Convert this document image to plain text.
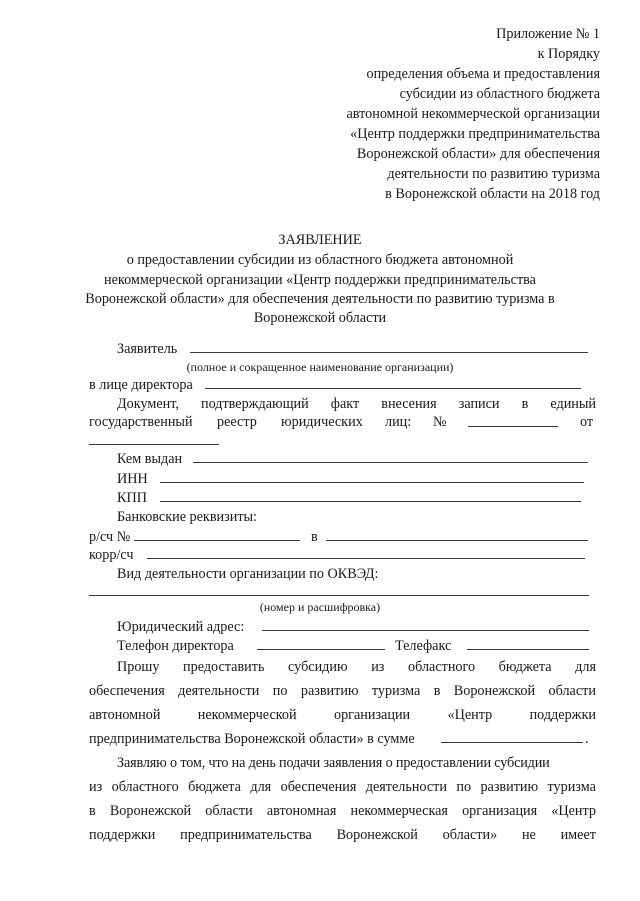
Приложение № 1
к Порядку
определения объема и предоставления
субсидии из областного бюджета
автономной некоммерческой организации
«Центр поддержки предпринимательства
Воронежской области» для обеспечения
деятельности по развитию туризма
в Воронежской области на 2018 год
ЗАЯВЛЕНИЕ
о предоставлении субсидии из областного бюджета автономной
некоммерческой организации «Центр поддержки предпринимательства
Воронежской области» для обеспечения деятельности по развитию туризма в
Воронежской области
Заявитель
(полное и сокращенное наименование организации)
в лице директора
Документ, подтверждающий факт внесения записи в единый
государственный реестр юридических лиц: №	от
Кем выдан
ИНН
КПП
Банковские реквизиты:
р/сч №	в
корр/сч
Вид деятельности организации по ОКВЭД:
(номер и расшифровка)
Юридический адрес:
Телефон директора	Телефакс
Прошу предоставить субсидию из областного бюджета для
обеспечения деятельности по развитию туризма в Воронежской области
автономной	некоммерческой	организации	«Центр	поддержки
предпринимательства Воронежской области» в сумме	.
Заявляю о том, что на день подачи заявления о предоставлении субсидии
из областного бюджета для обеспечения деятельности по развитию туризма
в Воронежской области автономная некоммерческая организация «Центр
поддержки предпринимательства Воронежской области» не имеет
